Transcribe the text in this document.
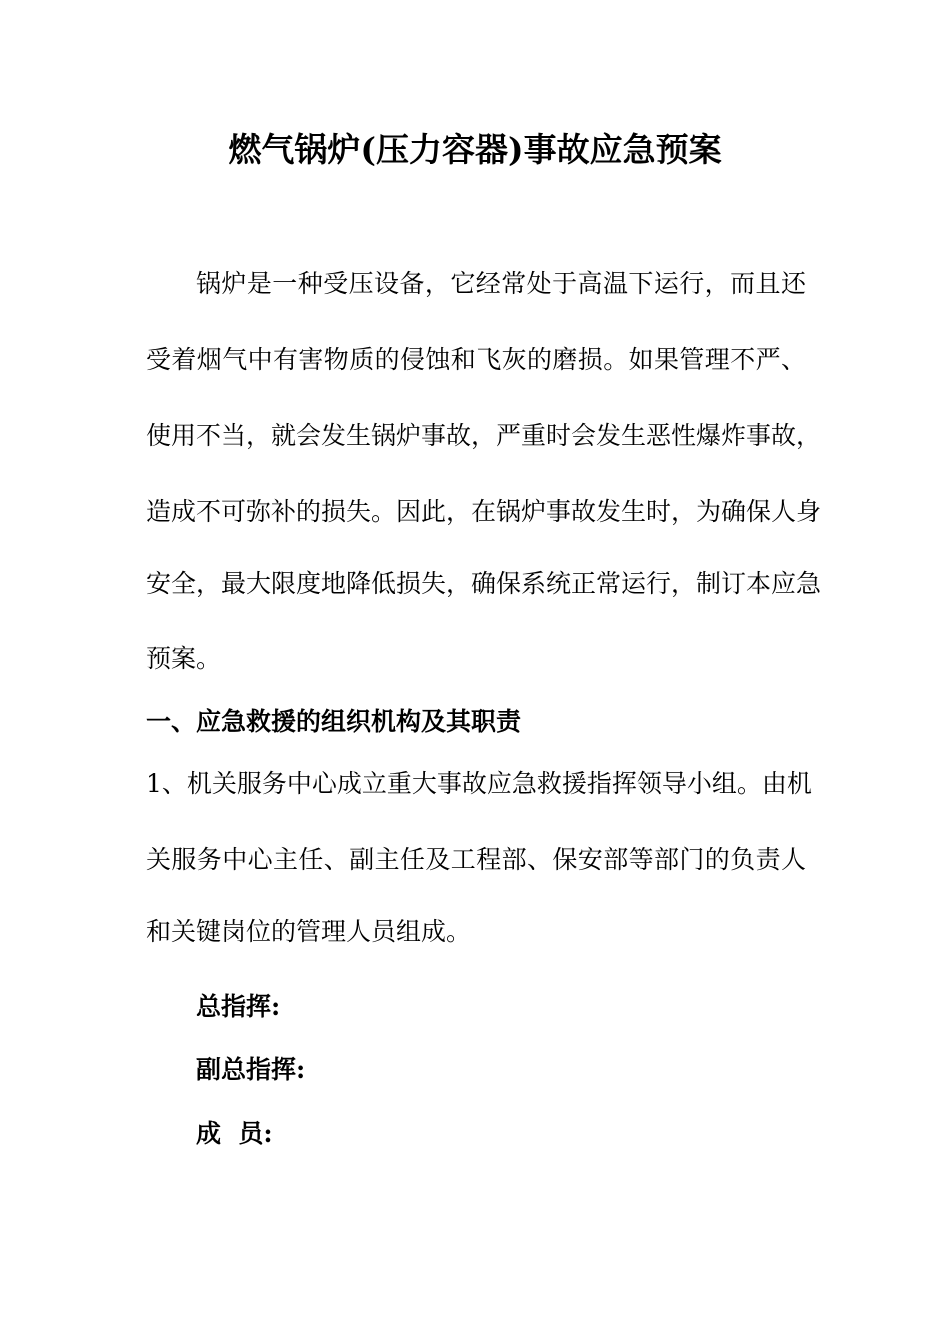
燃气锅炉(压力容器)事故应急预案
锅炉是一种受压设备，它经常处于高温下运行，而且还
受着烟气中有害物质的侵蚀和飞灰的磨损。如果管理不严、
使用不当，就会发生锅炉事故，严重时会发生恶性爆炸事故，
造成不可弥补的损失。因此，在锅炉事故发生时，为确保人身
安全，最大限度地降低损失，确保系统正常运行，制订本应急
预案。
一、应急救援的组织机构及其职责
1、机关服务中心成立重大事故应急救援指挥领导小组。由机
关服务中心主任、副主任及工程部、保安部等部门的负责人
和关键岗位的管理人员组成。
总指挥:
副总指挥:
成  员:
